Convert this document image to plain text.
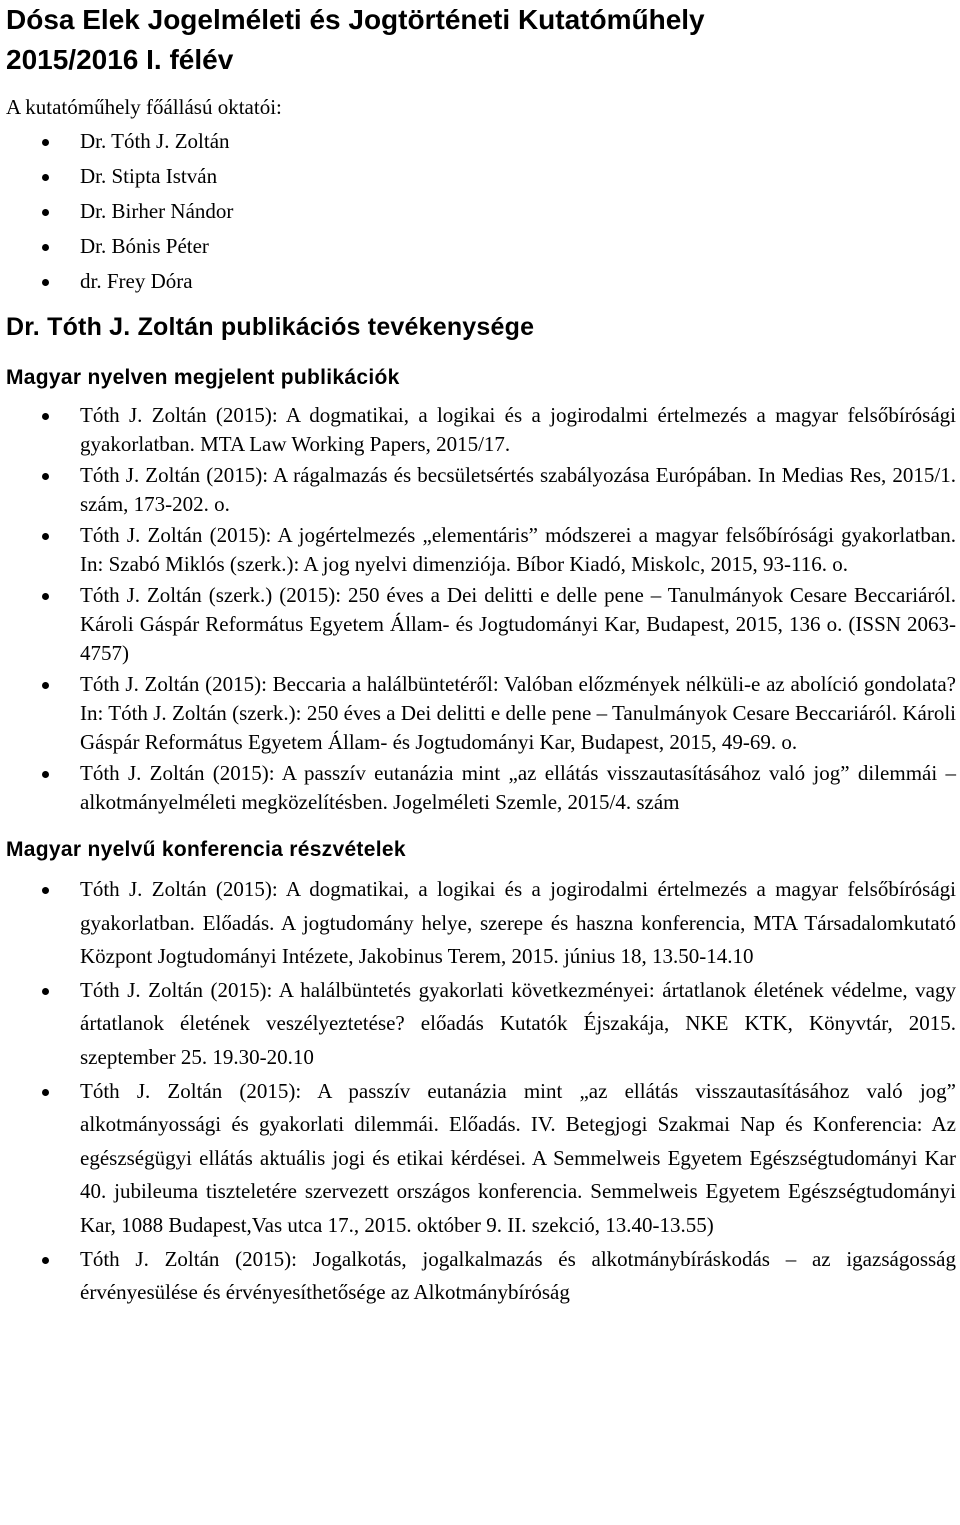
Dósa Elek Jogelméleti és Jogtörténeti Kutatóműhely
2015/2016 I. félév

A kutatóműhely főállású oktatói:

Dr. Tóth J. Zoltán
Dr. Stipta István
Dr. Birher Nándor
Dr. Bónis Péter
dr. Frey Dóra
Dr. Tóth J. Zoltán publikációs tevékenysége
Magyar nyelven megjelent publikációk
Tóth J. Zoltán (2015): A dogmatikai, a logikai és a jogirodalmi értelmezés a magyar felsőbírósági gyakorlatban. MTA Law Working Papers, 2015/17.
Tóth J. Zoltán (2015): A rágalmazás és becsületsértés szabályozása Európában. In Medias Res, 2015/1. szám, 173-202. o.
Tóth J. Zoltán (2015): A jogértelmezés „elementáris” módszerei a magyar felsőbírósági gyakorlatban. In: Szabó Miklós (szerk.): A jog nyelvi dimenziója. Bíbor Kiadó, Miskolc, 2015, 93-116. o.
Tóth J. Zoltán (szerk.) (2015): 250 éves a Dei delitti e delle pene – Tanulmányok Cesare Beccariáról. Károli Gáspár Református Egyetem Állam- és Jogtudományi Kar, Budapest, 2015, 136 o. (ISSN 2063-4757)
Tóth J. Zoltán (2015): Beccaria a halálbüntetéről: Valóban előzmények nélküli-e az abolíció gondolata? In: Tóth J. Zoltán (szerk.): 250 éves a Dei delitti e delle pene – Tanulmányok Cesare Beccariáról. Károli Gáspár Református Egyetem Állam- és Jogtudományi Kar, Budapest, 2015, 49-69. o.
Tóth J. Zoltán (2015): A passzív eutanázia mint „az ellátás visszautasításához való jog” dilemmái – alkotmányelméleti megközelítésben. Jogelméleti Szemle, 2015/4. szám
Magyar nyelvű konferencia részvételek
Tóth J. Zoltán (2015): A dogmatikai, a logikai és a jogirodalmi értelmezés a magyar felsőbírósági gyakorlatban. Előadás. A jogtudomány helye, szerepe és haszna konferencia, MTA Társadalomkutató Központ Jogtudományi Intézete, Jakobinus Terem, 2015. június 18, 13.50-14.10
Tóth J. Zoltán (2015): A halálbüntetés gyakorlati következményei: ártatlanok életének védelme, vagy ártatlanok életének veszélyeztetése? előadás Kutatók Éjszakája, NKE KTK, Könyvtár, 2015. szeptember 25. 19.30-20.10
Tóth J. Zoltán (2015): A passzív eutanázia mint „az ellátás visszautasításához való jog” alkotmányossági és gyakorlati dilemmái. Előadás. IV. Betegjogi Szakmai Nap és Konferencia: Az egészségügyi ellátás aktuális jogi és etikai kérdései. A Semmelweis Egyetem Egészségtudományi Kar 40. jubileuma tiszteletére szervezett országos konferencia. Semmelweis Egyetem Egészségtudományi Kar, 1088 Budapest,Vas utca 17., 2015. október 9. II. szekció, 13.40-13.55)
Tóth J. Zoltán (2015): Jogalkotás, jogalkalmazás és alkotmánybíráskodás – az igazságosság érvényesülése és érvényesíthetősége az Alkotmánybíróság
